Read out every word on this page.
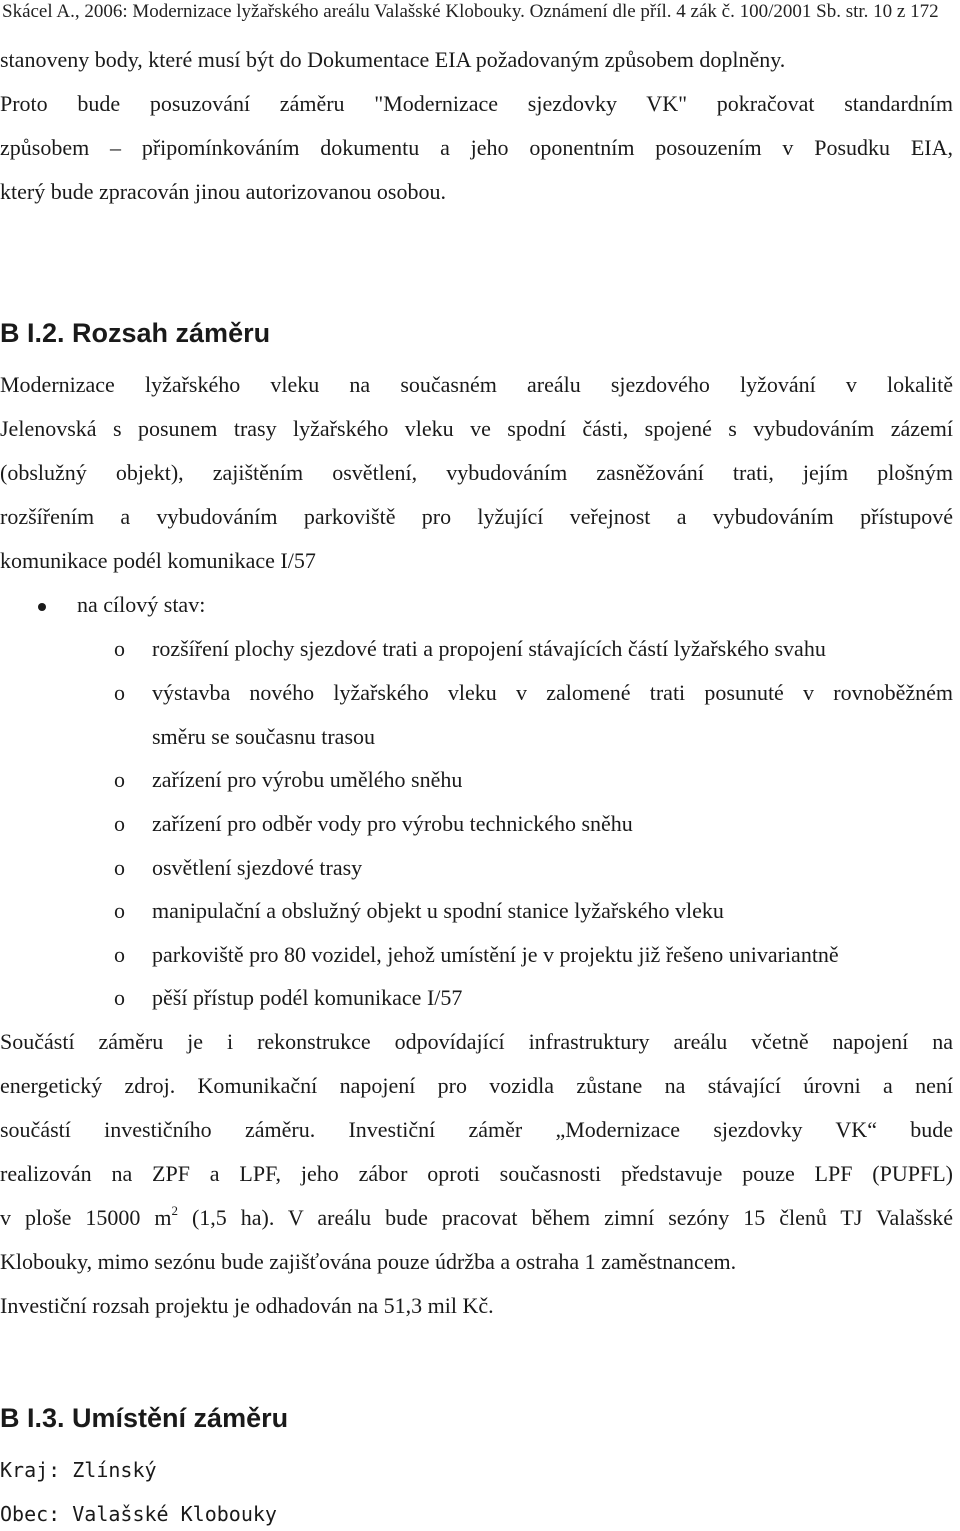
Skácel A., 2006: Modernizace lyžařského areálu Valašské Klobouky. Oznámení dle příl. 4 zák č. 100/2001 Sb. str. 10 z 172
stanoveny body, které musí být do Dokumentace EIA požadovaným způsobem doplněny.
Proto bude posuzování záměru "Modernizace sjezdovky VK" pokračovat standardním
způsobem – připomínkováním dokumentu a jeho oponentním posouzením v Posudku EIA,
který bude zpracován jinou autorizovanou osobou.
B I.2. Rozsah záměru
Modernizace lyžařského vleku na současném areálu sjezdového lyžování v lokalitě
Jelenovská s posunem trasy lyžařského vleku ve spodní části, spojené s vybudováním zázemí
(obslužný objekt), zajištěním osvětlení, vybudováním zasněžování trati, jejím plošným
rozšířením a vybudováním parkoviště pro lyžující veřejnost a vybudováním přístupové
komunikace podél komunikace I/57
na cílový stav:
o rozšíření plochy sjezdové trati a propojení stávajících částí lyžařského svahu
o výstavba nového lyžařského vleku v zalomené trati posunuté v rovnoběžném
směru se současnu trasou
o zařízení pro výrobu umělého sněhu
o zařízení pro odběr vody pro výrobu technického sněhu
o osvětlení sjezdové trasy
o manipulační a obslužný objekt u spodní stanice lyžařského vleku
o parkoviště pro 80 vozidel, jehož umístění je v projektu již řešeno univariantně
o pěší přístup podél komunikace I/57
Součástí záměru je i rekonstrukce odpovídající infrastruktury areálu včetně napojení na
energetický zdroj. Komunikační napojení pro vozidla zůstane na stávající úrovni a není
součástí investičního záměru. Investiční záměr „Modernizace sjezdovky VK“ bude
realizován na ZPF a LPF, jeho zábor oproti současnosti představuje pouze LPF (PUPFL)
v ploše 15000 $m^2$ (1,5 ha). V areálu bude pracovat během zimní sezóny 15 členů TJ Valašské
Klobouky, mimo sezónu bude zajišťována pouze údržba a ostraha 1 zaměstnancem.
Investiční rozsah projektu je odhadován na 51,3 mil Kč.
B I.3. Umístění záměru
Kraj: Zlínský
Obec: Valašské Klobouky
